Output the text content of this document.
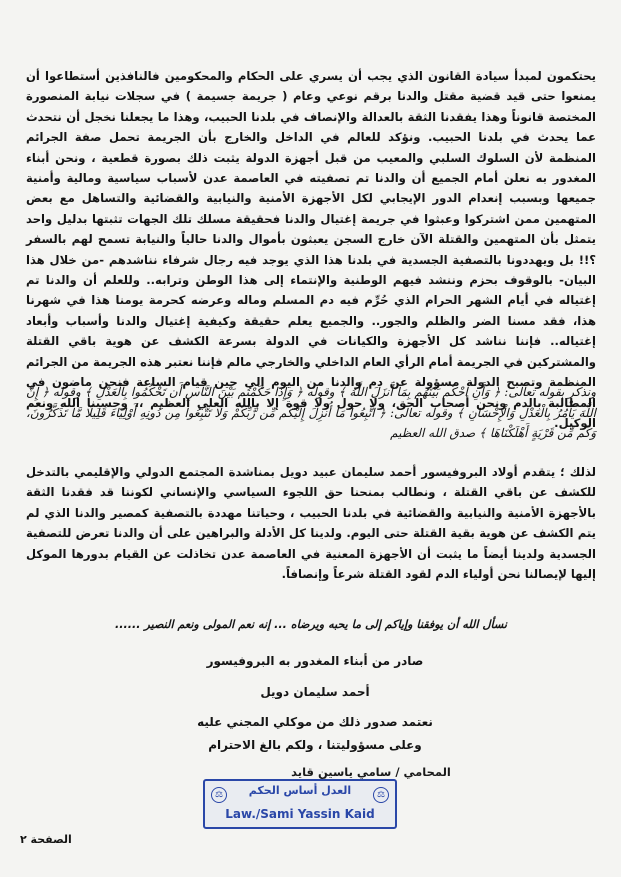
يحتكمون لمبدأ سيادة القانون الذي يجب أن يسري على الحكام والمحكومين فالنافذين أستطاعوا أن يمنعوا حتى قيد قضية مقتل والدنا برقم نوعي وعام ( جريمة جسيمة ) في سجلات نيابة المنصورة المختصة قانوناً وهذا يفقدنا الثقة بالعدالة والإنصاف في بلدنا الحبيب، وهذا ما يجعلنا نخجل أن نتحدث عما يحدث في بلدنا الحبيب. ونؤكد للعالم في الداخل والخارج بأن الجريمة تحمل صفة الجرائم المنظمة لأن السلوك السلبي والمعيب من قبل أجهزة الدولة يثبت ذلك بصورة قطعية ، ونحن أبناء المغدور به نعلن أمام الجميع أن والدنا تم تصفيته في العاصمة عدن لأسباب سياسية ومالية وأمنية جميعها وبسبب إنعدام الدور الإيجابي لكل الأجهزة الأمنية والنيابية والقضائية والتساهل مع بعض المتهمين ممن اشتركوا وعبثوا في جريمة إغتيال والدنا فحقيقة مسلك تلك الجهات تثبتها بدليل واحد يتمثل بأن المتهمين والقتلة الآن خارج السجن يعبثون بأموال والدنا حالياً والنيابة تسمح لهم بالسفر ؟!! بل ويهددونا بالتصفية الجسدية في بلدنا هذا الذي يوجد فيه رجال شرفاء نناشدهم -من خلال هذا البيان- بالوقوف بحزم وننشد فيهم الوطنية والإنتماء إلى هذا الوطن وترابه.. وللعلم أن والدنا تم إغتياله في أيام الشهر الحرام الذي حُرِّم فيه دم المسلم وماله وعرضه كحرمة يومنا هذا في شهرنا هذا، فقد مسنا الضر والظلم والجور.. والجميع يعلم حقيقة وكيفية إغتيال والدنا وأسباب وأبعاد إغتياله.. فإننا نناشد كل الأجهزة والكيانات في الدولة بسرعة الكشف عن هوية باقي القتلة والمشتركين في الجريمة أمام الرأي العام الداخلي والخارجي مالم فإننا نعتبر هذه الجريمة من الجرائم المنظمة وتصبح الدولة مسؤولة عن دم والدنا من اليوم إلى حين قيام الساعة فنحن ماضون في المطالبة بالدم ونحن أصحاب الحق، ولا حول ولا قوة إلا بالله العلي العظيم ،، وحسبنا الله ونعم الوكيل.

ونذكر بقوله تعالى: ﴿ وَأَنِ احْكُم بَيْنَهُم بِمَا أَنزَلَ اللَّهُ ﴾ وقوله ﴿ وَإِذَا حَكَمْتُم بَيْنَ النَّاسِ أَن تَحْكُمُوا بِالْعَدْلِ ﴾ وقوله ﴿ إِنَّ اللَّهَ يَأْمُرُ بِالْعَدْلِ وَالْإِحْسَانِ ﴾ وقوله تعالى: ﴿ اتَّبِعُوا مَا أُنزِلَ إِلَيْكُم مِّن رَّبِّكُمْ وَلَا تَتَّبِعُوا مِن دُونِهِ أَوْلِيَاءَ قَلِيلًا مَّا تَذَكَّرُونَ، وَكَم مِّن قَرْيَةٍ أَهْلَكْنَاهَا ﴾ صدق الله العظيم

لذلك ؛ يتقدم أولاد البروفيسور أحمد سليمان عبيد دويل بمناشدة المجتمع الدولي والإقليمي بالتدخل للكشف عن باقي القتلة ، ونطالب بمنحنا حق اللجوء السياسي والإنساني لكوننا قد فقدنا الثقة بالأجهزة الأمنية والنيابية والقضائية في بلدنا الحبيب ، وحياتنا مهددة بالتصفية كمصير والدنا الذي لم يتم الكشف عن هوية بقية القتلة حتى اليوم. ولدينا كل الأدلة والبراهين على أن والدنا تعرض للتصفية الجسدية ولدينا أيضاً ما يثبت أن الأجهزة المعنية في العاصمة عدن تخاذلت عن القيام بدورها الموكل إليها لإيصالنا نحن أولياء الدم لقود القتلة شرعاً وإنصافاً.

نسأل الله أن يوفقنا وإياكم إلى ما يحبه ويرضاه ... إنه نعم المولى ونعم النصير ......

صادر من أبناء المغدور به البروفيسور

أحمد سليمان دويل

نعتمد صدور ذلك من موكلي المجني عليه

وعلى مسؤوليتنا ، ولكم بالغ الاحترام

المحامي / سامي ياسين قايد

⚖	⚖
العدل أساس الحكم
Law./Sami Yassin Kaid

الصفحة ٢
